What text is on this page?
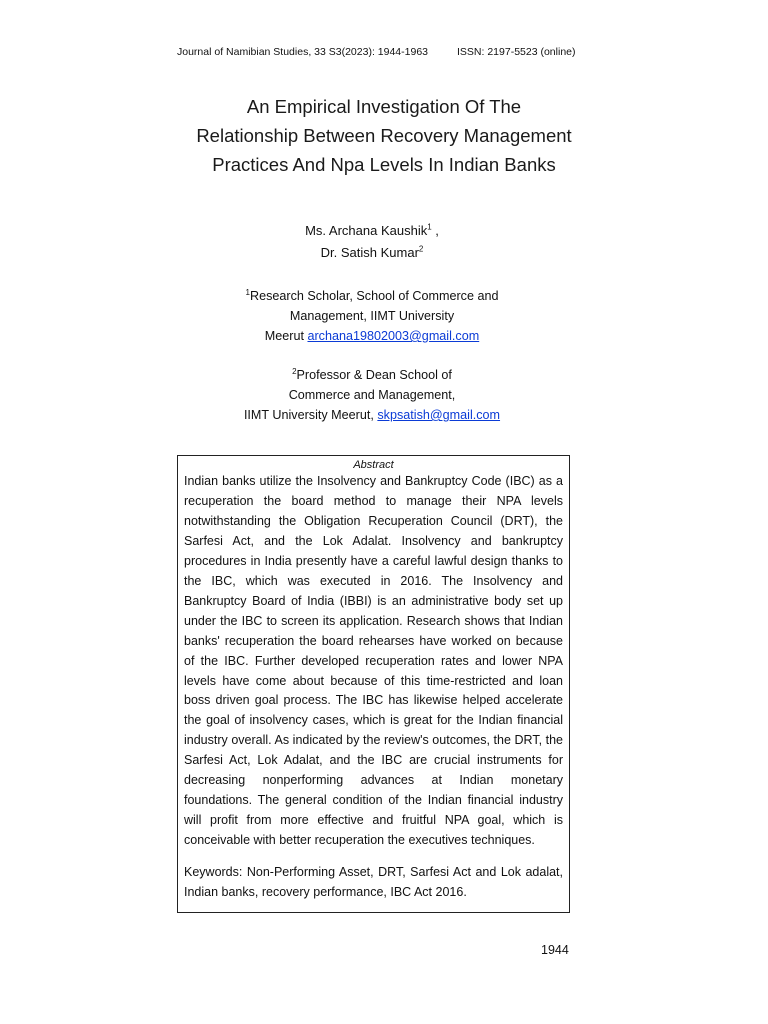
Journal of Namibian Studies, 33 S3(2023): 1944-1963	ISSN: 2197-5523 (online)
An Empirical Investigation Of The
Relationship Between Recovery Management
Practices And Npa Levels In Indian Banks
Ms. Archana Kaushik$^1$ ,
Dr. Satish Kumar$^2$
$^1$Research Scholar, School of Commerce and
Management, IIMT University
Meerut archana19802003@gmail.com
$^2$Professor & Dean School of
Commerce and Management,
IIMT University Meerut, skpsatish@gmail.com
Abstract
Indian banks utilize the Insolvency and Bankruptcy Code (IBC) as a recuperation the board method to manage their NPA levels notwithstanding the Obligation Recuperation Council (DRT), the Sarfesi Act, and the Lok Adalat. Insolvency and bankruptcy procedures in India presently have a careful lawful design thanks to the IBC, which was executed in 2016. The Insolvency and Bankruptcy Board of India (IBBI) is an administrative body set up under the IBC to screen its application. Research shows that Indian banks' recuperation the board rehearses have worked on because of the IBC. Further developed recuperation rates and lower NPA levels have come about because of this time-restricted and loan boss driven goal process. The IBC has likewise helped accelerate the goal of insolvency cases, which is great for the Indian financial industry overall. As indicated by the review's outcomes, the DRT, the Sarfesi Act, Lok Adalat, and the IBC are crucial instruments for decreasing nonperforming advances at Indian monetary foundations. The general condition of the Indian financial industry will profit from more effective and fruitful NPA goal, which is conceivable with better recuperation the executives techniques.
Keywords: Non-Performing Asset, DRT, Sarfesi Act and Lok adalat, Indian banks, recovery performance, IBC Act 2016.
1944
